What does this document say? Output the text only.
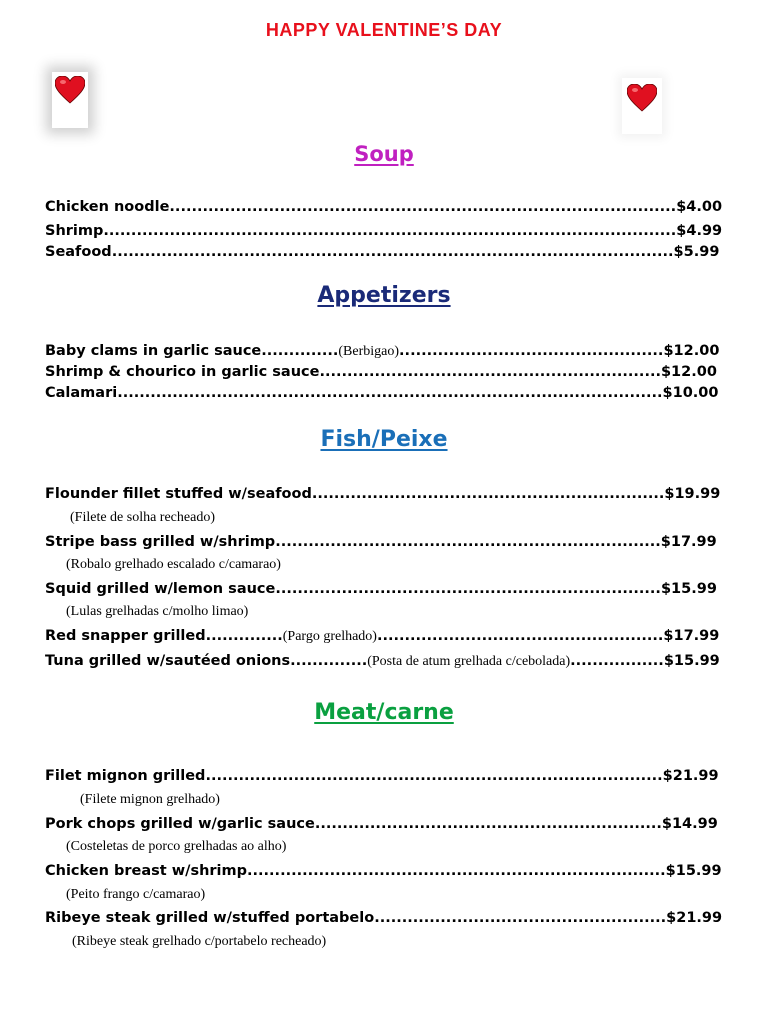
HAPPY VALENTINE’S DAY
Soup
Appetizers
Fish/Peixe
Meat/carne
Chicken noodle............................................................................................$4.00
Shrimp........................................................................................................$4.99
Seafood......................................................................................................$5.99
Baby clams in garlic sauce..............(Berbigao)................................................$12.00
Shrimp & chourico in garlic sauce..............................................................$12.00
Calamari...................................................................................................$10.00
Flounder fillet stuffed w/seafood................................................................$19.99
(Filete de solha recheado)
Stripe bass grilled w/shrimp......................................................................$17.99
(Robalo grelhado escalado c/camarao)
Squid grilled w/lemon sauce......................................................................$15.99
(Lulas grelhadas c/molho limao)
Red snapper grilled..............(Pargo grelhado)....................................................$17.99
Tuna grilled w/sautéed onions..............(Posta de atum grelhada c/cebolada).................$15.99
Filet mignon grilled...................................................................................$21.99
(Filete mignon grelhado)
Pork chops grilled w/garlic sauce...............................................................$14.99
(Costeletas de porco grelhadas ao alho)
Chicken breast w/shrimp............................................................................$15.99
(Peito frango c/camarao)
Ribeye steak grilled w/stuffed portabelo.....................................................$21.99
(Ribeye steak grelhado c/portabelo recheado)
